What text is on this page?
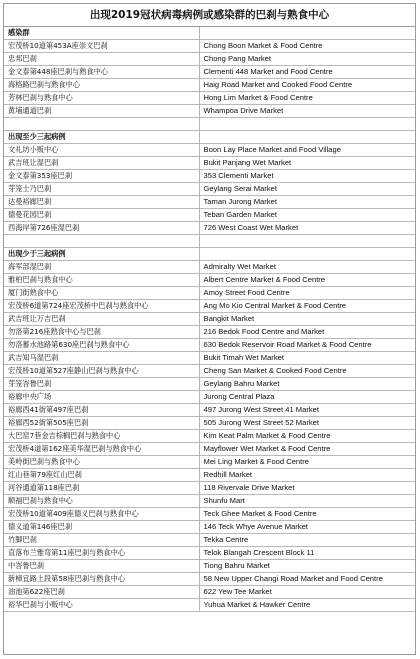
出现2019冠状病毒病例或感染群的巴刹与熟食中心
感染群	
宏茂桥10道第453A座崇文巴刹	Chong Boon Market & Food Centre
忠邦巴刹	Chong Pang Market
金文泰第448座巴刹与熟食中心	Clementi 448 Market and Food Centre
海格路巴刹与熟食中心	Haig Road Market and Cooked Food Centre
芳林巴刹与熟食中心	Hong Lim Market & Food Centre
黄埔通道巴刹	Whampoa Drive Market

出现至少三起病例	
文礼坊小贩中心	Boon Lay Place Market and Food Village
武吉班让湿巴刹	Bukit Panjang Wet Market
金文泰第353座巴刹	353 Clementi Market
芽笼士乃巴刹	Geylang Serai Market
达曼裕廊巴刹	Taman Jurong Market
德曼花园巴刹	Teban Garden Market
西海岸第726座湿巴刹	726 West Coast Wet Market

出现少于三起病例	
海军部湿巴刹	Admiralty Wet Market
雅柏巴刹与熟食中心	Albert Centre Market & Food Centre
厦门街熟食中心	Amoy Street Food Centre
宏茂桥6道第724座宏茂桥中巴刹与熟食中心	Ang Mo Kio Central Market & Food Centre
武吉班让万吉巴刹	Bangkit Market
勿洛第216座熟食中心与巴刹	216 Bedok Food Centre and Market
勿洛蓄水池路第630座巴刹与熟食中心	630 Bedok Reservoir Road Market & Food Centre
武吉知马湿巴刹	Bukit Timah Wet Market
宏茂桥10道第527座静山巴刹与熟食中心	Cheng San Market & Cooked Food Centre
芽笼峇鲁巴刹	Geylang Bahru Market
裕廊中央广场	Jurong Central Plaza
裕廊西41街第497座巴刹	497 Jurong West Street 41 Market
裕廊西52街第505座巴刹	505 Jurong West Street 52 Market
大巴窑7巷金吉棕榈巴刹与熟食中心	Kim Keat Palm Market & Food Centre
宏茂桥4道第162座美华湿巴刹与熟食中心	Mayflower Wet Market & Food Centre
美岭街巴刹与熟食中心	Mei Ling Market & Food Centre
红山巷第79座红山巴刹	Redhill Market
河谷通道第118座巴刹	118 Rivervale Drive Market
顺福巴刹与熟食中心	Shunfu Mart
宏茂桥10道第409座德义巴刹与熟食中心	Teck Ghee Market & Food Centre
德义道第146座巴刹	146 Teck Whye Avenue Market
竹脚巴刹	Tekka Centre
直落布兰雅弯第11座巴刹与熟食中心	Telok Blangah Crescent Block 11
中峇鲁巴刹	Tiong Bahru Market
新樟宜路上段第58座巴刹与熟食中心	58 New Upper Changi Road Market and Food Centre
油池第622座巴刹	622 Yew Tee Market
裕华巴刹与小贩中心	Yuhua Market & Hawker Centre
